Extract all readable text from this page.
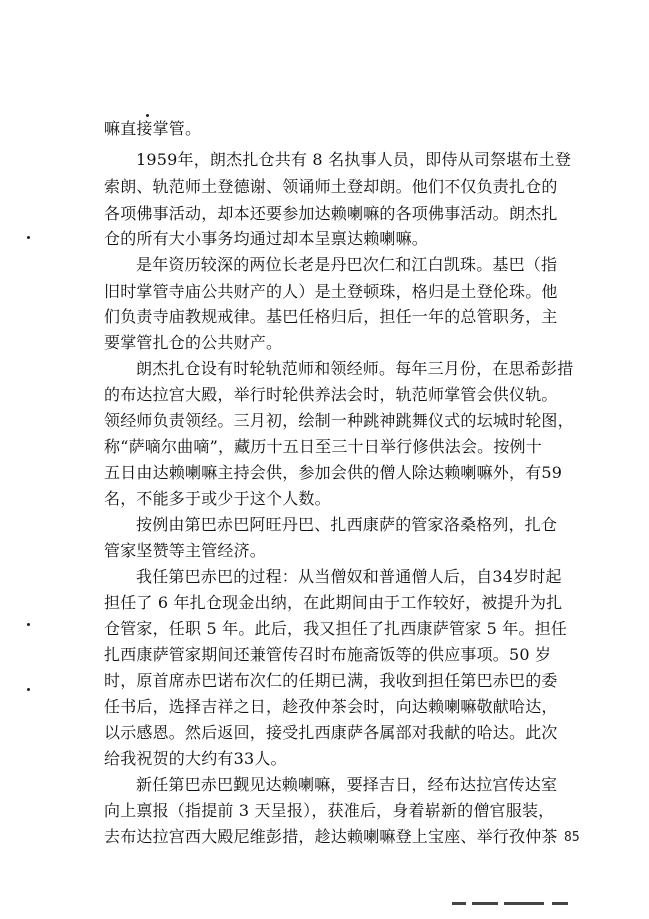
嘛直接掌管。
1959年，朗杰扎仓共有 8 名执事人员，即侍从司祭堪布土登
索朗、轨范师土登德谢、领诵师土登却朗。他们不仅负责扎仓的
各项佛事活动，却本还要参加达赖喇嘛的各项佛事活动。朗杰扎
仓的所有大小事务均通过却本呈禀达赖喇嘛。
是年资历较深的两位长老是丹巴次仁和江白凯珠。基巴（指
旧时掌管寺庙公共财产的人）是土登顿珠，格归是土登伦珠。他
们负责寺庙教规戒律。基巴任格归后，担任一年的总管职务，主
要掌管扎仓的公共财产。
朗杰扎仓设有时轮轨范师和领经师。每年三月份，在思希彭措
的布达拉宫大殿，举行时轮供养法会时，轨范师掌管会供仪轨。
领经师负责领经。三月初，绘制一种跳神跳舞仪式的坛城时轮图，
称“萨嘀尔曲嘀”，藏历十五日至三十日举行修供法会。按例十
五日由达赖喇嘛主持会供，参加会供的僧人除达赖喇嘛外，有59
名，不能多于或少于这个人数。
按例由第巴赤巴阿旺丹巴、扎西康萨的管家洛桑格列，扎仓
管家坚赞等主管经济。
我任第巴赤巴的过程：从当僧奴和普通僧人后，自34岁时起
担任了 6 年扎仓现金出纳，在此期间由于工作较好，被提升为扎
仓管家，任职 5 年。此后，我又担任了扎西康萨管家 5 年。担任
扎西康萨管家期间还兼管传召时布施斋饭等的供应事项。50 岁
时，原首席赤巴诺布次仁的任期已满，我收到担任第巴赤巴的委
任书后，选择吉祥之日，趁孜仲茶会时，向达赖喇嘛敬献哈达，
以示感恩。然后返回，接受扎西康萨各属部对我献的哈达。此次
给我祝贺的大约有33人。
新任第巴赤巴觐见达赖喇嘛，要择吉日，经布达拉宫传达室
向上禀报（指提前 3 天呈报），获准后，身着崭新的僧官服装，
去布达拉宫西大殿尼维彭措，趁达赖喇嘛登上宝座、举行孜仲茶 85
